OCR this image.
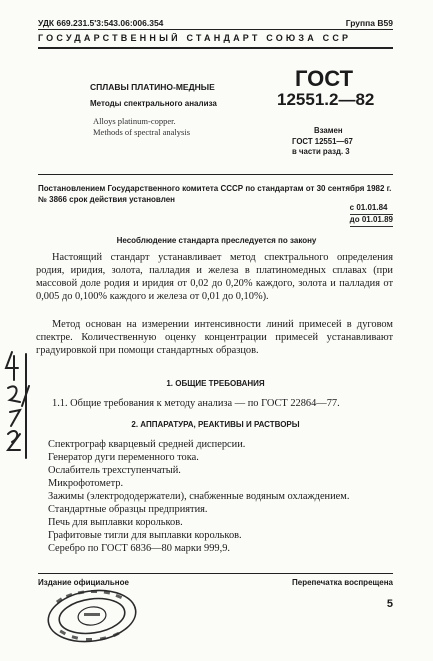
УДК 669.231.5'3:543.06:006.354	Группа В59
ГОСУДАРСТВЕННЫЙ СТАНДАРТ СОЮЗА ССР
СПЛАВЫ ПЛАТИНО-МЕДНЫЕ
Методы спектрального анализа
Alloys platinum-copper.
Methods of spectral analysis
ГОСТ
12551.2—82
Взамен
ГОСТ 12551—67
в части разд. 3
Постановлением Государственного комитета СССР по стандартам от 30 сентября 1982 г. № 3866 срок действия установлен
с 01.01.84
до 01.01.89
Несоблюдение стандарта преследуется по закону
Настоящий стандарт устанавливает метод спектрального определения родия, иридия, золота, палладия и железа в платиномедных сплавах (при массовой доле родия и иридия от 0,02 до 0,20% каждого, золота и палладия от 0,005 до 0,100% каждого и железа от 0,01 до 0,10%).
Метод основан на измерении интенсивности линий примесей в дуговом спектре. Количественную оценку концентрации примесей устанавливают градуировкой при помощи стандартных образцов.
1. ОБЩИЕ ТРЕБОВАНИЯ
1.1. Общие требования к методу анализа — по ГОСТ 22864—77.
2. АППАРАТУРА, РЕАКТИВЫ И РАСТВОРЫ
Спектрограф кварцевый средней дисперсии.
Генератор дуги переменного тока.
Ослабитель трехступенчатый.
Микрофотометр.
Зажимы (электрододержатели), снабженные водяным охлаждением.
Стандартные образцы предприятия.
Печь для выплавки корольков.
Графитовые тигли для выплавки корольков.
Серебро по ГОСТ 6836—80 марки 999,9.
Издание официальное	Перепечатка воспрещена
5
